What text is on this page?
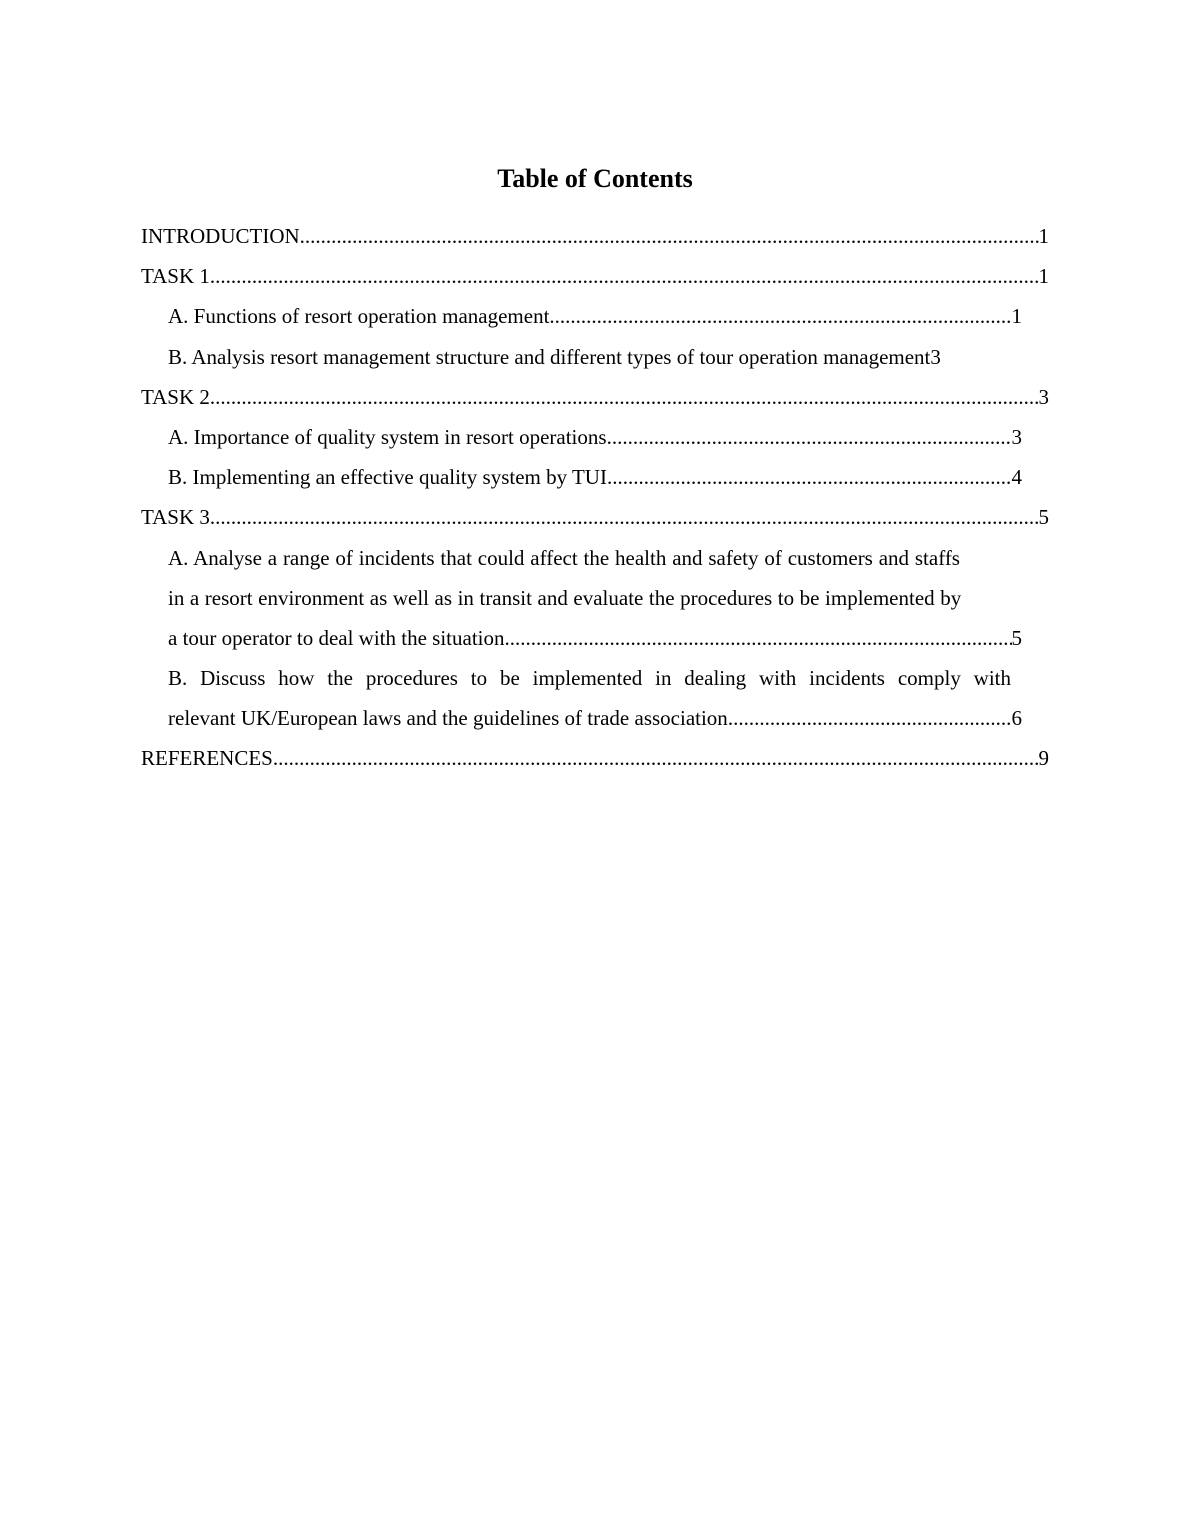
Table of Contents
INTRODUCTION .....	1
TASK 1 .....	1
A. Functions of resort operation management .....	1
B. Analysis resort management structure and different types of tour operation management 3
TASK 2 .....	3
A. Importance of quality system in resort operations .....	3
B. Implementing an effective quality system by TUI .....	4
TASK 3 .....	5
A. Analyse a range of incidents that could affect the health and safety of customers and staffs
in a resort environment as well as in transit and evaluate the procedures to be implemented by
a tour operator to deal with the situation .....	5
B. Discuss how the procedures to be implemented in dealing with incidents comply with
relevant UK/European laws and the guidelines of trade association .....	6
REFERENCES .....	9
